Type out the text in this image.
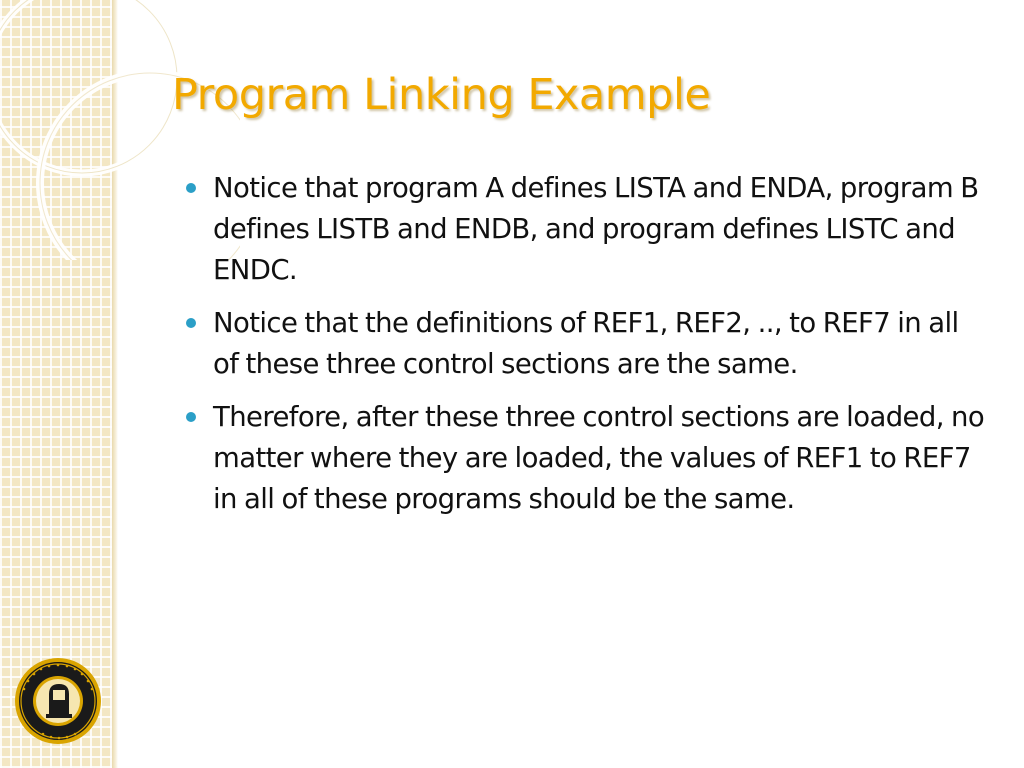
Program Linking Example
Notice that program A defines LISTA and ENDA, program B defines LISTB and ENDB, and program defines LISTC and ENDC.
Notice that the definitions of REF1, REF2, .., to REF7 in all of these three control sections are the same.
Therefore, after these three control sections are loaded, no matter where they are loaded, the values of REF1 to REF7 in all of these programs should be the same.
